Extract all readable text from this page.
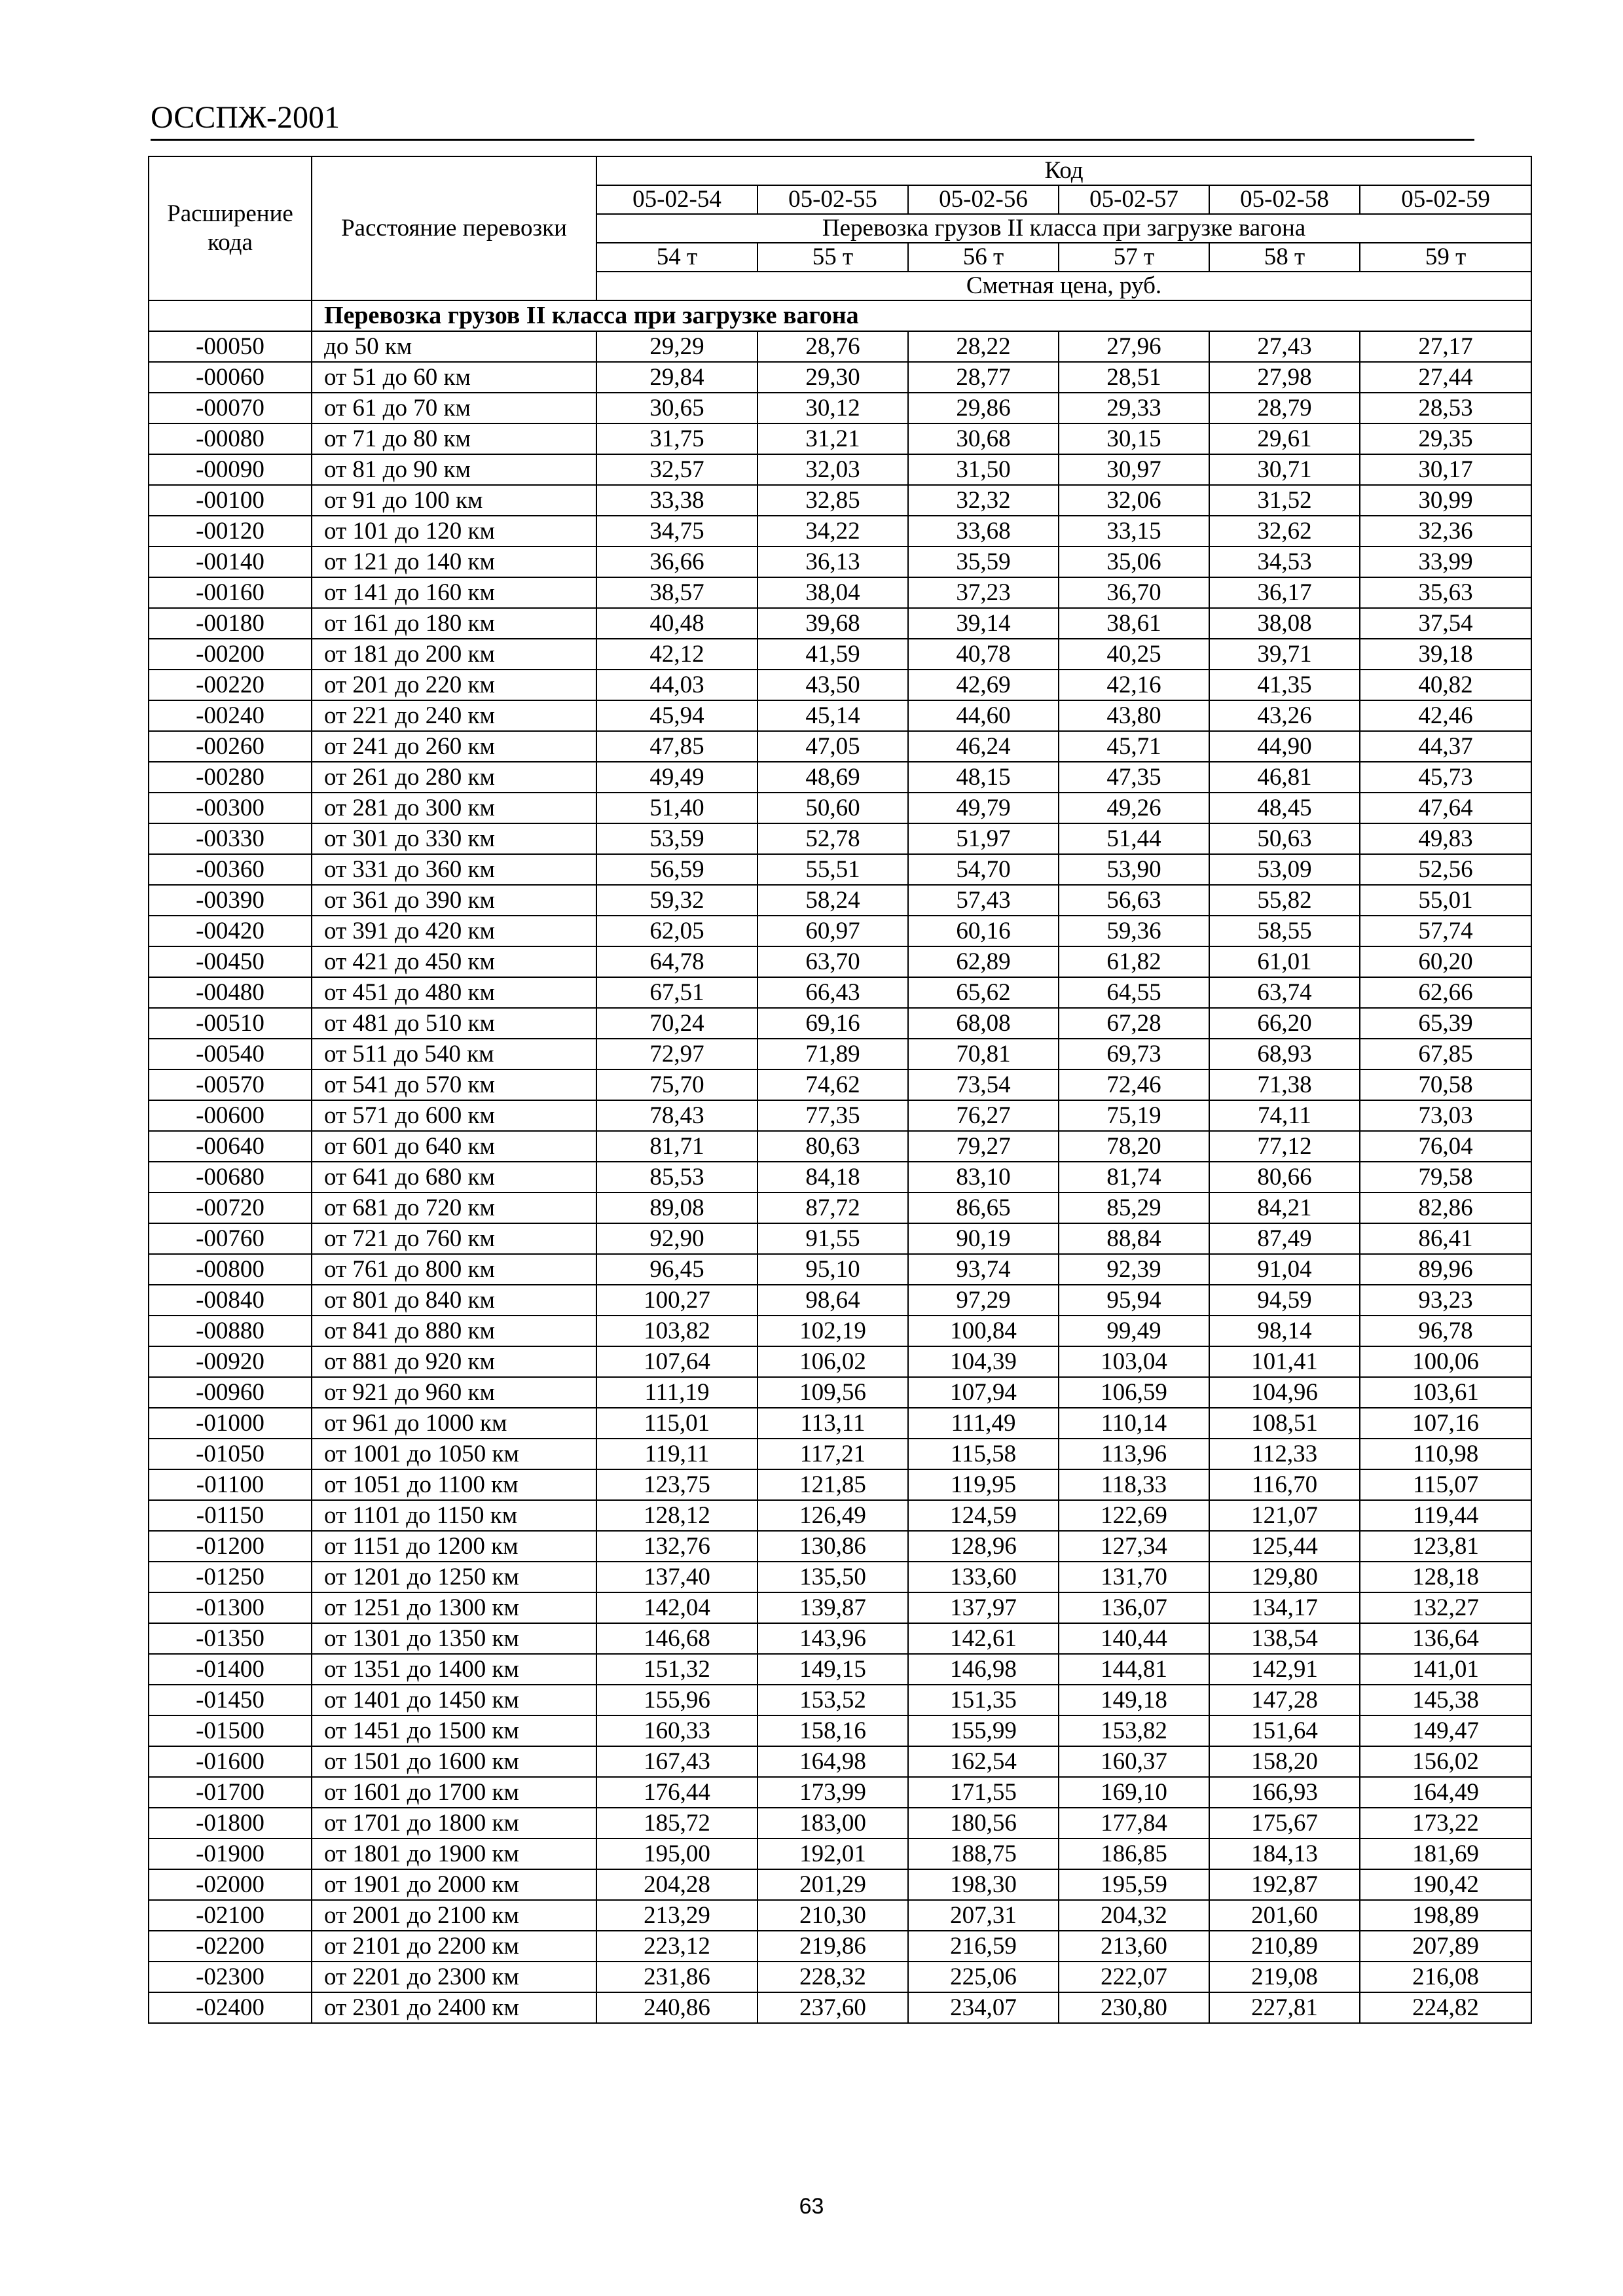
ОССПЖ-2001
Расширение кода	Расстояние перевозки	Код					
		05-02-54	05-02-55	05-02-56	05-02-57	05-02-58	05-02-59
		Перевозка грузов II класса при загрузке вагона					
		54 т	55 т	56 т	57 т	58 т	59 т
		Сметная цена, руб.					
	Перевозка грузов II класса при загрузке вагона						
-00050	до 50 км	29,29	28,76	28,22	27,96	27,43	27,17
-00060	от 51 до 60 км	29,84	29,30	28,77	28,51	27,98	27,44
-00070	от 61 до 70 км	30,65	30,12	29,86	29,33	28,79	28,53
-00080	от 71 до 80 км	31,75	31,21	30,68	30,15	29,61	29,35
-00090	от 81 до 90 км	32,57	32,03	31,50	30,97	30,71	30,17
-00100	от 91 до 100 км	33,38	32,85	32,32	32,06	31,52	30,99
-00120	от 101 до 120 км	34,75	34,22	33,68	33,15	32,62	32,36
-00140	от 121 до 140 км	36,66	36,13	35,59	35,06	34,53	33,99
-00160	от 141 до 160 км	38,57	38,04	37,23	36,70	36,17	35,63
-00180	от 161 до 180 км	40,48	39,68	39,14	38,61	38,08	37,54
-00200	от 181 до 200 км	42,12	41,59	40,78	40,25	39,71	39,18
-00220	от 201 до 220 км	44,03	43,50	42,69	42,16	41,35	40,82
-00240	от 221 до 240 км	45,94	45,14	44,60	43,80	43,26	42,46
-00260	от 241 до 260 км	47,85	47,05	46,24	45,71	44,90	44,37
-00280	от 261 до 280 км	49,49	48,69	48,15	47,35	46,81	45,73
-00300	от 281 до 300 км	51,40	50,60	49,79	49,26	48,45	47,64
-00330	от 301 до 330 км	53,59	52,78	51,97	51,44	50,63	49,83
-00360	от 331 до 360 км	56,59	55,51	54,70	53,90	53,09	52,56
-00390	от 361 до 390 км	59,32	58,24	57,43	56,63	55,82	55,01
-00420	от 391 до 420 км	62,05	60,97	60,16	59,36	58,55	57,74
-00450	от 421 до 450 км	64,78	63,70	62,89	61,82	61,01	60,20
-00480	от 451 до 480 км	67,51	66,43	65,62	64,55	63,74	62,66
-00510	от 481 до 510 км	70,24	69,16	68,08	67,28	66,20	65,39
-00540	от 511 до 540 км	72,97	71,89	70,81	69,73	68,93	67,85
-00570	от 541 до 570 км	75,70	74,62	73,54	72,46	71,38	70,58
-00600	от 571 до 600 км	78,43	77,35	76,27	75,19	74,11	73,03
-00640	от 601 до 640 км	81,71	80,63	79,27	78,20	77,12	76,04
-00680	от 641 до 680 км	85,53	84,18	83,10	81,74	80,66	79,58
-00720	от 681 до 720 км	89,08	87,72	86,65	85,29	84,21	82,86
-00760	от 721 до 760 км	92,90	91,55	90,19	88,84	87,49	86,41
-00800	от 761 до 800 км	96,45	95,10	93,74	92,39	91,04	89,96
-00840	от 801 до 840 км	100,27	98,64	97,29	95,94	94,59	93,23
-00880	от 841 до 880 км	103,82	102,19	100,84	99,49	98,14	96,78
-00920	от 881 до 920 км	107,64	106,02	104,39	103,04	101,41	100,06
-00960	от 921 до 960 км	111,19	109,56	107,94	106,59	104,96	103,61
-01000	от 961 до 1000 км	115,01	113,11	111,49	110,14	108,51	107,16
-01050	от 1001 до 1050 км	119,11	117,21	115,58	113,96	112,33	110,98
-01100	от 1051 до 1100 км	123,75	121,85	119,95	118,33	116,70	115,07
-01150	от 1101 до 1150 км	128,12	126,49	124,59	122,69	121,07	119,44
-01200	от 1151 до 1200 км	132,76	130,86	128,96	127,34	125,44	123,81
-01250	от 1201 до 1250 км	137,40	135,50	133,60	131,70	129,80	128,18
-01300	от 1251 до 1300 км	142,04	139,87	137,97	136,07	134,17	132,27
-01350	от 1301 до 1350 км	146,68	143,96	142,61	140,44	138,54	136,64
-01400	от 1351 до 1400 км	151,32	149,15	146,98	144,81	142,91	141,01
-01450	от 1401 до 1450 км	155,96	153,52	151,35	149,18	147,28	145,38
-01500	от 1451 до 1500 км	160,33	158,16	155,99	153,82	151,64	149,47
-01600	от 1501 до 1600 км	167,43	164,98	162,54	160,37	158,20	156,02
-01700	от 1601 до 1700 км	176,44	173,99	171,55	169,10	166,93	164,49
-01800	от 1701 до 1800 км	185,72	183,00	180,56	177,84	175,67	173,22
-01900	от 1801 до 1900 км	195,00	192,01	188,75	186,85	184,13	181,69
-02000	от 1901 до 2000 км	204,28	201,29	198,30	195,59	192,87	190,42
-02100	от 2001 до 2100 км	213,29	210,30	207,31	204,32	201,60	198,89
-02200	от 2101 до 2200 км	223,12	219,86	216,59	213,60	210,89	207,89
-02300	от 2201 до 2300 км	231,86	228,32	225,06	222,07	219,08	216,08
-02400	от 2301 до 2400 км	240,86	237,60	234,07	230,80	227,81	224,82
63
